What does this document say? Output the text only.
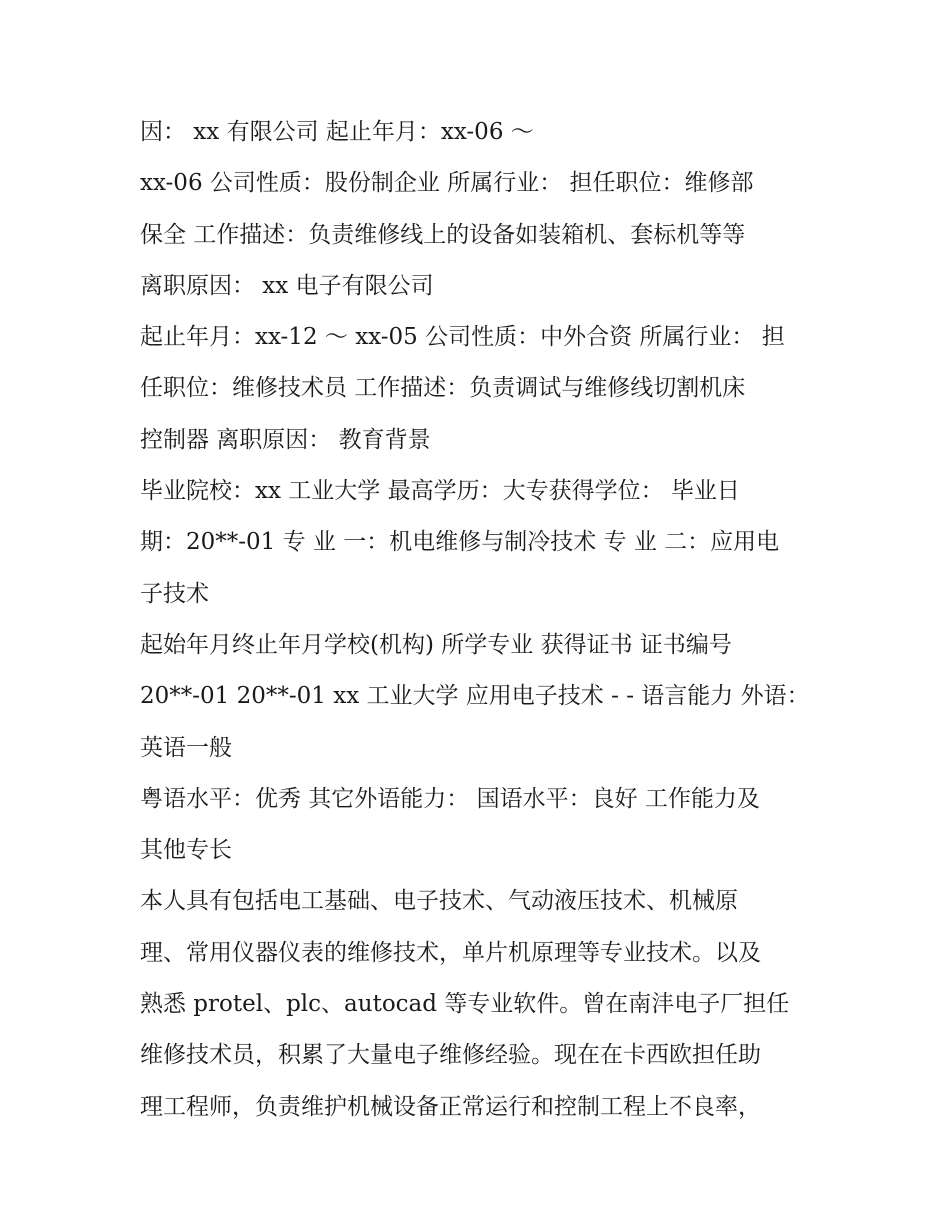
因： xx 有限公司 起止年月：xx-06 ～
xx-06 公司性质：股份制企业 所属行业： 担任职位：维修部
保全 工作描述：负责维修线上的设备如装箱机、套标机等等
离职原因： xx 电子有限公司
起止年月：xx-12 ～ xx-05 公司性质：中外合资 所属行业： 担
任职位：维修技术员 工作描述：负责调试与维修线切割机床
控制器 离职原因： 教育背景
毕业院校：xx 工业大学 最高学历：大专获得学位： 毕业日
期：20**-01 专 业 一：机电维修与制冷技术 专 业 二：应用电
子技术
起始年月终止年月学校(机构) 所学专业 获得证书 证书编号
20**-01 20**-01 xx 工业大学 应用电子技术 - - 语言能力 外语：
英语一般
粤语水平：优秀 其它外语能力： 国语水平：良好 工作能力及
其他专长
本人具有包括电工基础、电子技术、气动液压技术、机械原
理、常用仪器仪表的维修技术，单片机原理等专业技术。以及
熟悉 protel、plc、autocad 等专业软件。曾在南沣电子厂担任
维修技术员，积累了大量电子维修经验。现在在卡西欧担任助
理工程师，负责维护机械设备正常运行和控制工程上不良率，
